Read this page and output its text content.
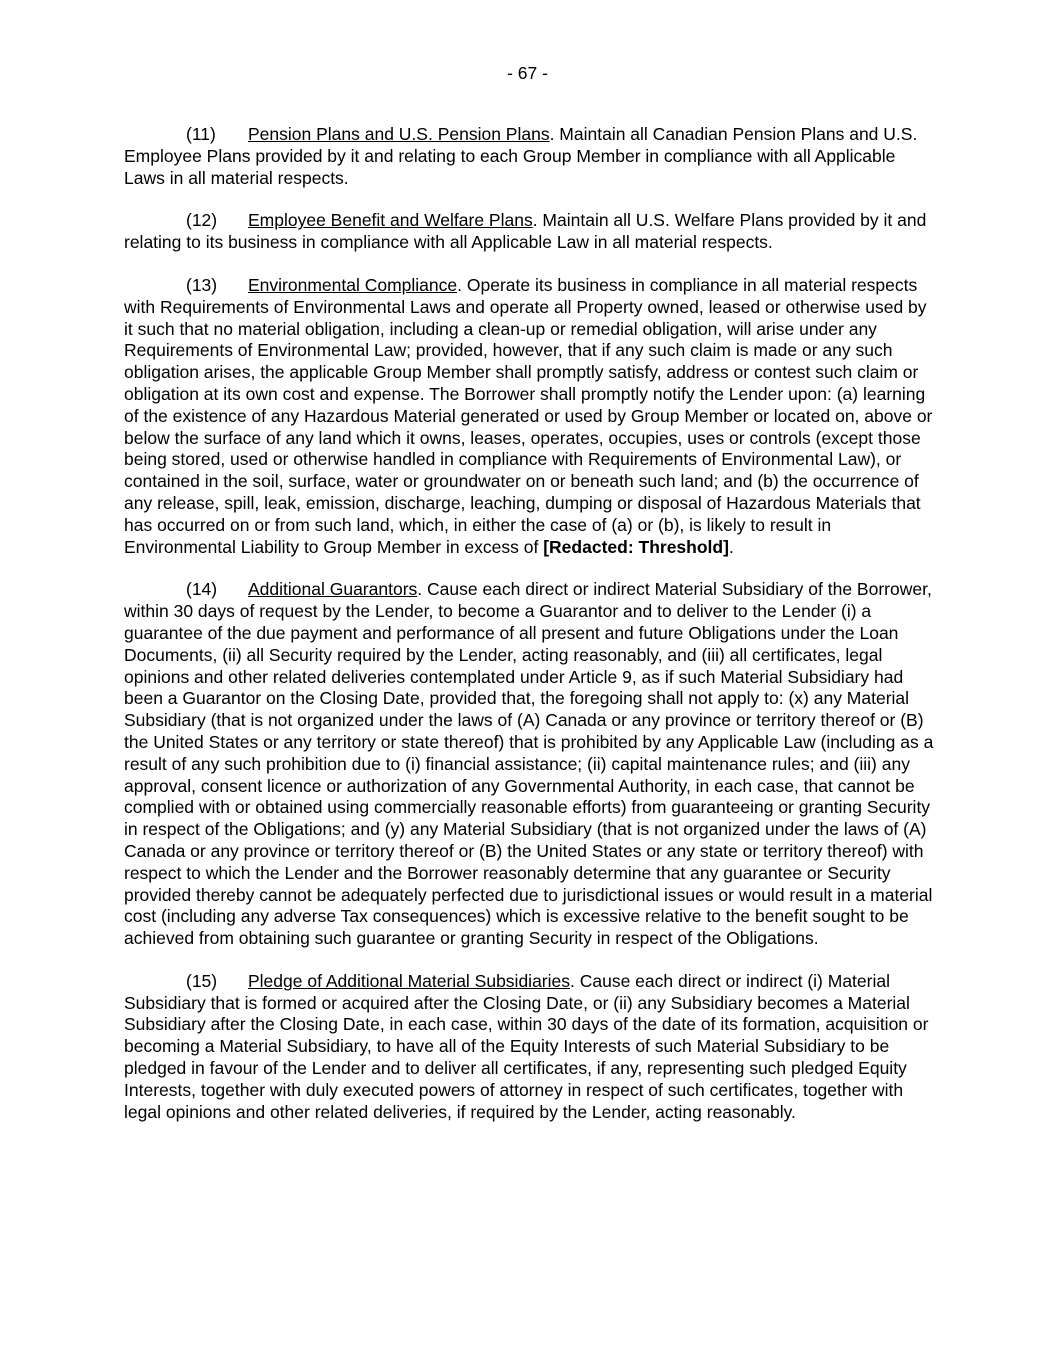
- 67 -

(11) Pension Plans and U.S. Pension Plans. Maintain all Canadian Pension Plans and U.S. Employee Plans provided by it and relating to each Group Member in compliance with all Applicable Laws in all material respects.

(12) Employee Benefit and Welfare Plans. Maintain all U.S. Welfare Plans provided by it and relating to its business in compliance with all Applicable Law in all material respects.

(13) Environmental Compliance. Operate its business in compliance in all material respects with Requirements of Environmental Laws and operate all Property owned, leased or otherwise used by it such that no material obligation, including a clean-up or remedial obligation, will arise under any Requirements of Environmental Law; provided, however, that if any such claim is made or any such obligation arises, the applicable Group Member shall promptly satisfy, address or contest such claim or obligation at its own cost and expense. The Borrower shall promptly notify the Lender upon: (a) learning of the existence of any Hazardous Material generated or used by Group Member or located on, above or below the surface of any land which it owns, leases, operates, occupies, uses or controls (except those being stored, used or otherwise handled in compliance with Requirements of Environmental Law), or contained in the soil, surface, water or groundwater on or beneath such land; and (b) the occurrence of any release, spill, leak, emission, discharge, leaching, dumping or disposal of Hazardous Materials that has occurred on or from such land, which, in either the case of (a) or (b), is likely to result in Environmental Liability to Group Member in excess of [Redacted: Threshold].

(14) Additional Guarantors. Cause each direct or indirect Material Subsidiary of the Borrower, within 30 days of request by the Lender, to become a Guarantor and to deliver to the Lender (i) a guarantee of the due payment and performance of all present and future Obligations under the Loan Documents, (ii) all Security required by the Lender, acting reasonably, and (iii) all certificates, legal opinions and other related deliveries contemplated under Article 9, as if such Material Subsidiary had been a Guarantor on the Closing Date, provided that, the foregoing shall not apply to: (x) any Material Subsidiary (that is not organized under the laws of (A) Canada or any province or territory thereof or (B) the United States or any territory or state thereof) that is prohibited by any Applicable Law (including as a result of any such prohibition due to (i) financial assistance; (ii) capital maintenance rules; and (iii) any approval, consent licence or authorization of any Governmental Authority, in each case, that cannot be complied with or obtained using commercially reasonable efforts) from guaranteeing or granting Security in respect of the Obligations; and (y) any Material Subsidiary (that is not organized under the laws of (A) Canada or any province or territory thereof or (B) the United States or any state or territory thereof) with respect to which the Lender and the Borrower reasonably determine that any guarantee or Security provided thereby cannot be adequately perfected due to jurisdictional issues or would result in a material cost (including any adverse Tax consequences) which is excessive relative to the benefit sought to be achieved from obtaining such guarantee or granting Security in respect of the Obligations.

(15) Pledge of Additional Material Subsidiaries. Cause each direct or indirect (i) Material Subsidiary that is formed or acquired after the Closing Date, or (ii) any Subsidiary becomes a Material Subsidiary after the Closing Date, in each case, within 30 days of the date of its formation, acquisition or becoming a Material Subsidiary, to have all of the Equity Interests of such Material Subsidiary to be pledged in favour of the Lender and to deliver all certificates, if any, representing such pledged Equity Interests, together with duly executed powers of attorney in respect of such certificates, together with legal opinions and other related deliveries, if required by the Lender, acting reasonably.
